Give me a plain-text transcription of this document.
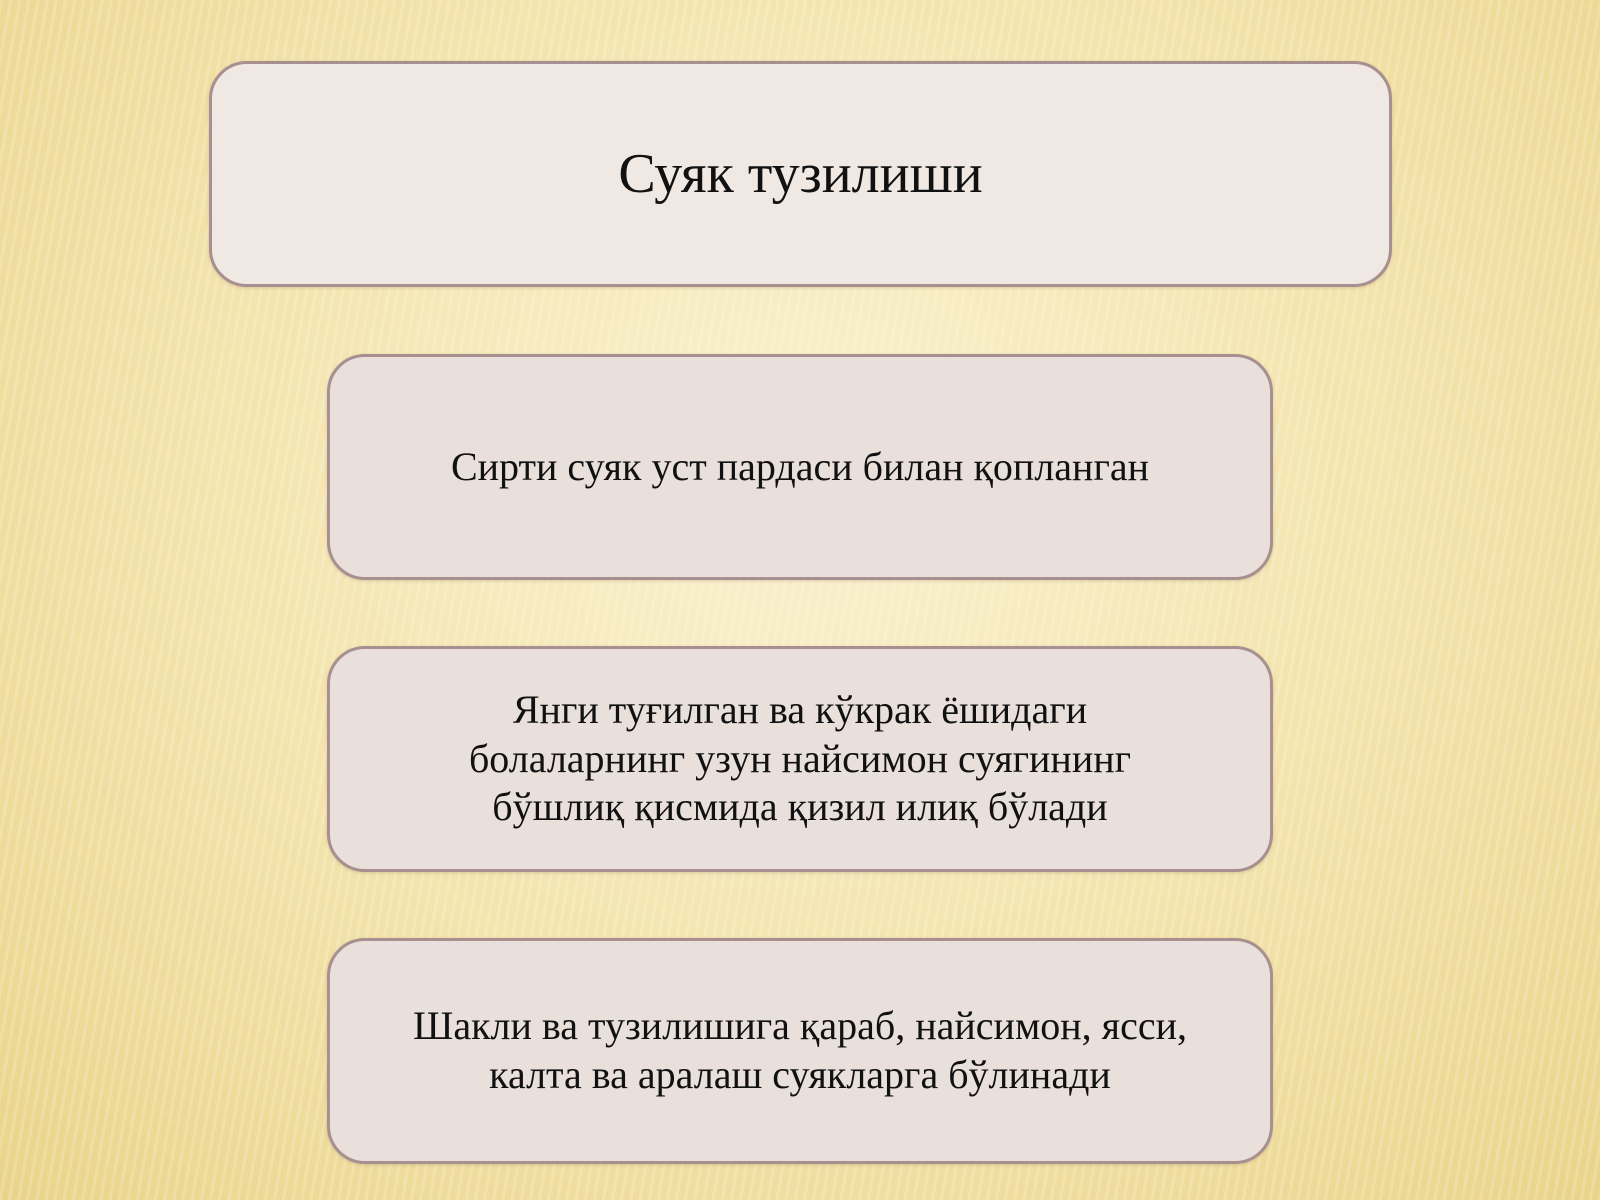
Суяк тузилиши
Сирти суяк уст пардаси билан қопланган
Янги туғилган ва кўкрак ёшидаги
болаларнинг узун найсимон суягининг
бўшлиқ қисмида қизил илиқ бўлади
Шакли ва тузилишига қараб, найсимон, ясси,
калта ва аралаш суякларга бўлинади
